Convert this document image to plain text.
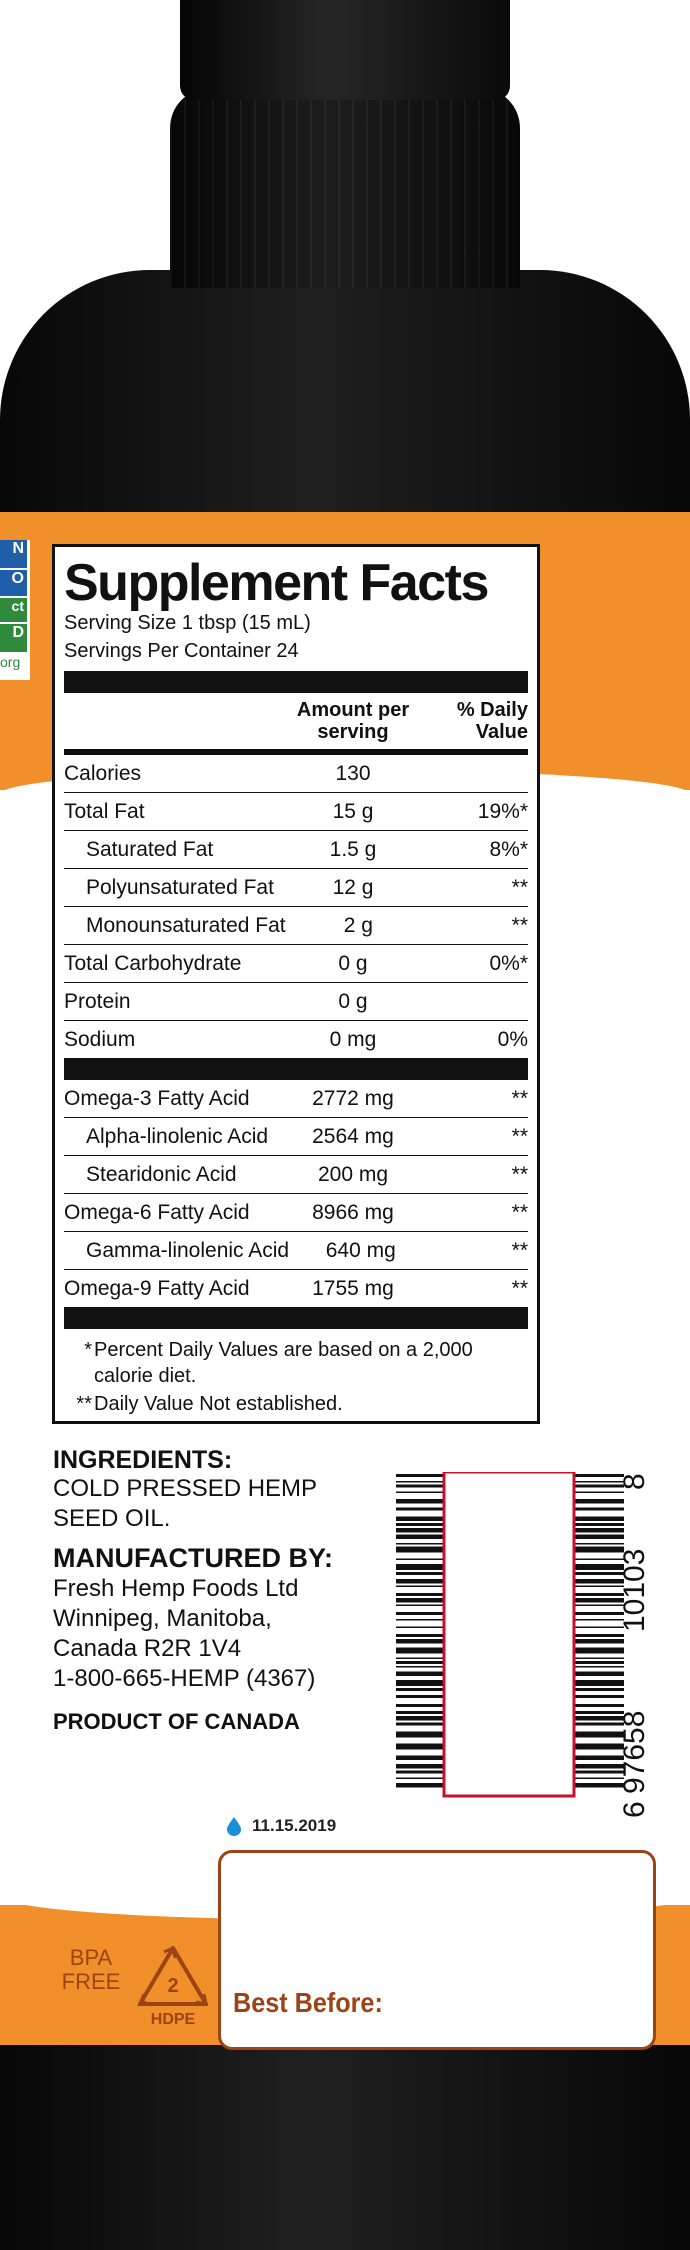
N
O
ct
D
org
Supplement Facts
Serving Size 1 tbsp (15 mL)
Servings Per Container 24
Amount per
serving
% Daily
Value
Calories	130
Total Fat	15 g	19%*
Saturated Fat	1.5 g	8%*
Polyunsaturated Fat	12 g	**
Monounsaturated Fat	2 g	**
Total Carbohydrate	0 g	0%*
Protein	0 g
Sodium	0 mg	0%
Omega-3 Fatty Acid	2772 mg	**
Alpha-linolenic Acid	2564 mg	**
Stearidonic Acid	200 mg	**
Omega-6 Fatty Acid	8966 mg	**
Gamma-linolenic Acid	640 mg	**
Omega-9 Fatty Acid	1755 mg	**
* Percent Daily Values are based on a 2,000
calorie diet.
** Daily Value Not established.
INGREDIENTS:
COLD PRESSED HEMP
SEED OIL.
MANUFACTURED BY:
Fresh Hemp Foods Ltd
Winnipeg, Manitoba,
Canada R2R 1V4
1-800-665-HEMP (4367)
PRODUCT OF CANADA
6
97658
10103
8
11.15.2019
BPA
FREE 2
HDPE
Best Before:
